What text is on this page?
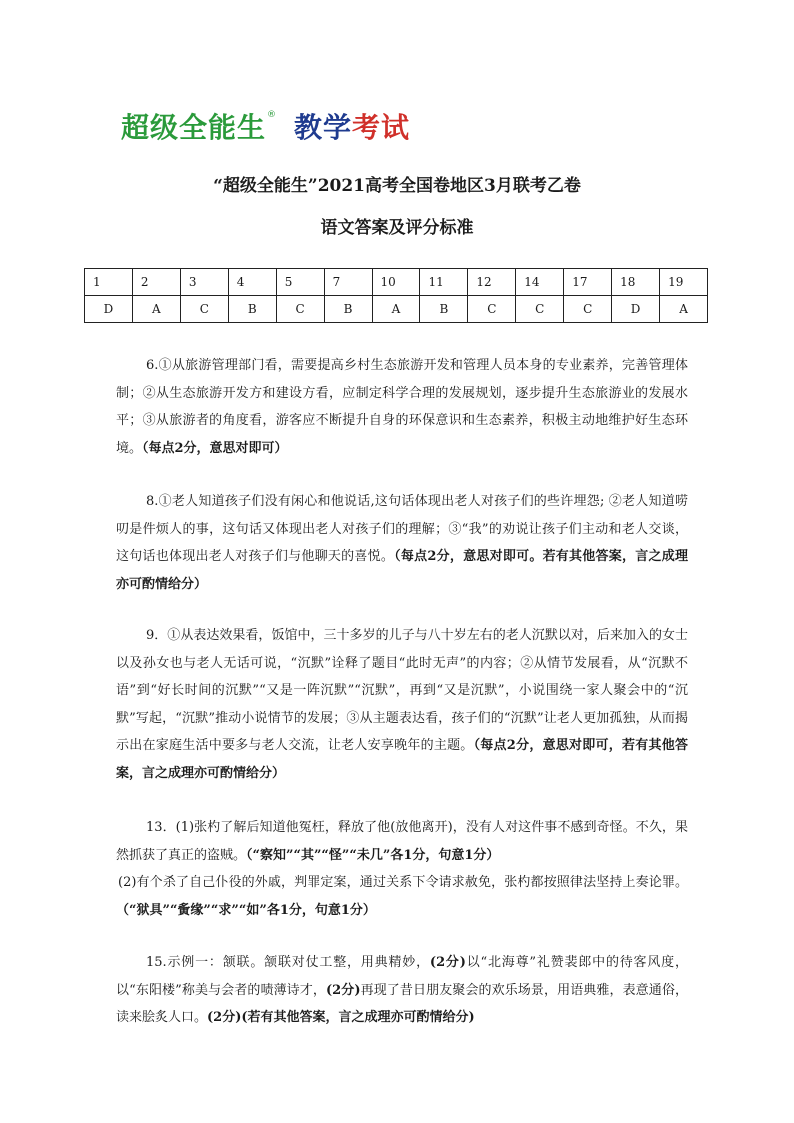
超级全能生 ® 教学考试
“超级全能生”2021高考全国卷地区3月联考乙卷
语文答案及评分标准
1	2	3	4	5	7	10	11	12	14	17	18	19
D	A	C	B	C	B	A	B	C	C	C	D	A
6.①从旅游管理部门看，需要提高乡村生态旅游开发和管理人员本身的专业素养，完善管理体制；②从生态旅游开发方和建设方看，应制定科学合理的发展规划，逐步提升生态旅游业的发展水平；③从旅游者的角度看，游客应不断提升自身的环保意识和生态素养，积极主动地维护好生态环境。（每点2分，意思对即可）
8.①老人知道孩子们没有闲心和他说话,这句话体现出老人对孩子们的些许埋怨; ②老人知道唠叨是件烦人的事，这句话又体现出老人对孩子们的理解；③“我”的劝说让孩子们主动和老人交谈，这句话也体现出老人对孩子们与他聊天的喜悦。（每点2分，意思对即可。若有其他答案，言之成理亦可酌情给分）
9．①从表达效果看，饭馆中，三十多岁的儿子与八十岁左右的老人沉默以对，后来加入的女士以及孙女也与老人无话可说，“沉默”诠释了题目“此时无声”的内容；②从情节发展看，从“沉默不语”到“好长时间的沉默”“又是一阵沉默”“沉默”，再到“又是沉默”，小说围绕一家人聚会中的“沉默”写起，“沉默”推动小说情节的发展；③从主题表达看，孩子们的“沉默”让老人更加孤独，从而揭示出在家庭生活中要多与老人交流，让老人安享晚年的主题。（每点2分，意思对即可，若有其他答案，言之成理亦可酌情给分）
13．(1)张杓了解后知道他冤枉，释放了他(放他离开)，没有人对这件事不感到奇怪。不久，果然抓获了真正的盗贼。（“察知”“其”“怪”“未几”各1分，句意1分）
(2)有个杀了自己仆役的外戚，判罪定案，通过关系下令请求赦免，张杓都按照律法坚持上奏论罪。（“狱具”“夤缘”“求”“如”各1分，句意1分）
15.示例一：颔联。颔联对仗工整，用典精妙，(2分)以“北海尊”礼赞裴郎中的待客风度，以“东阳楼”称美与会者的啧薄诗才，(2分)再现了昔日朋友聚会的欢乐场景，用语典雅，表意通俗，读来脍炙人口。(2分)(若有其他答案，言之成理亦可酌情给分)
